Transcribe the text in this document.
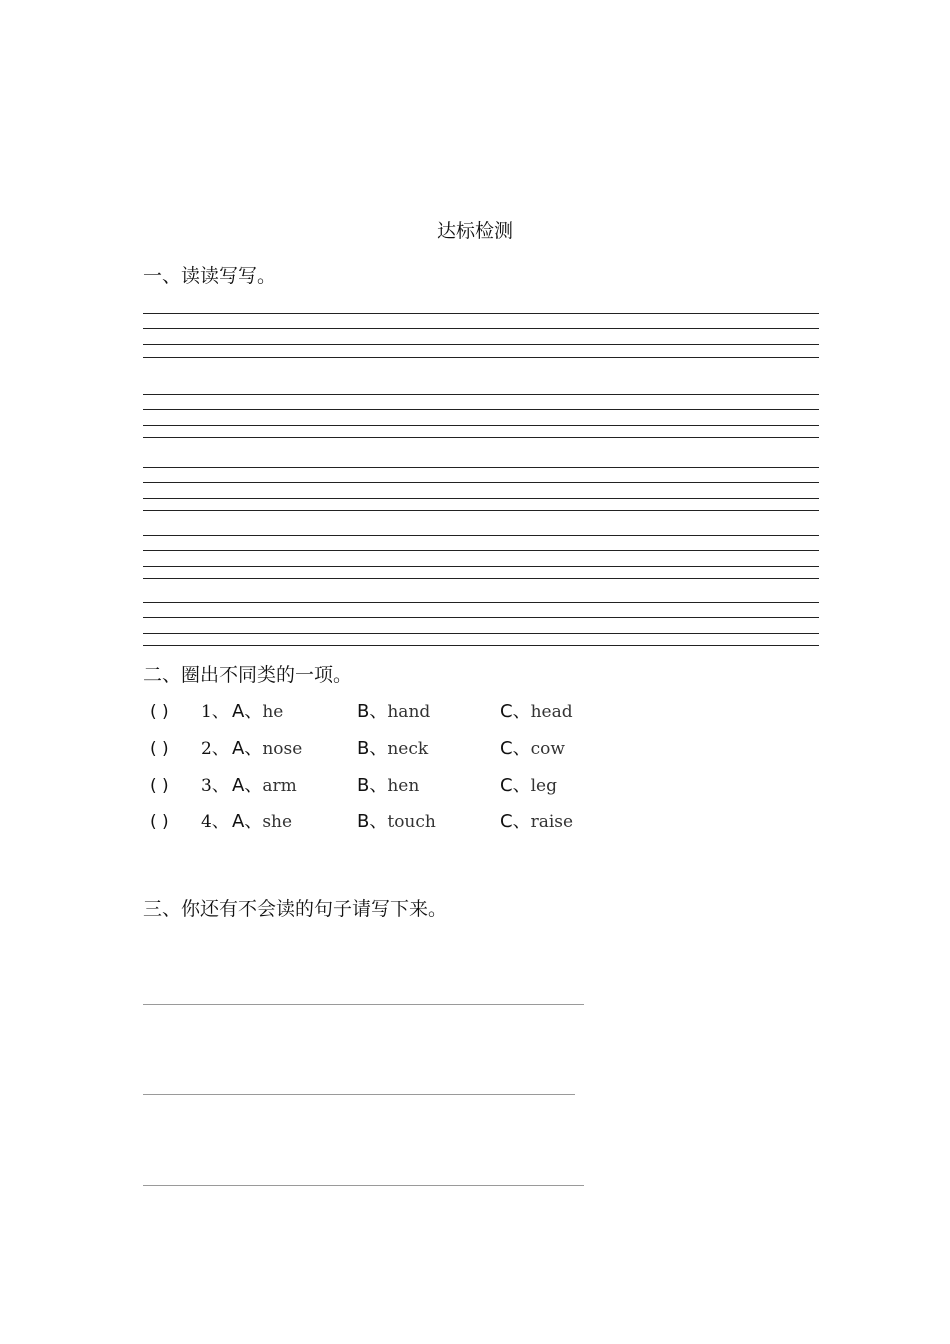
达标检测
一、读读写写。
二、圈出不同类的一项。
( ) 1、 A、he	B、hand	C、head
( ) 2、 A、nose	B、neck	C、cow
( ) 3、 A、arm	B、hen	C、leg
( ) 4、 A、she	B、touch	C、raise
三、你还有不会读的句子请写下来。
